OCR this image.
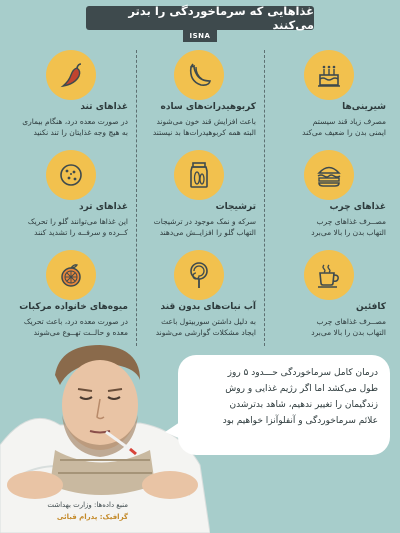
غذاهایی که سرماخوردگی را بدتر می‌کنند
ISNA
شیرینی‌ها
مصرف زیاد قند سیستم
ایمنی بدن را ضعیف می‌کند
کربوهیدرات‌های ساده
باعث افزایش قند خون می‌شوند
البته همه کربوهیدرات‌ها بد نیستند
غذاهای تند
در صورت معده درد، هنگام بیماری
به هیچ وجه غذایتان را تند نکنید
غذاهای چرب
مصــرف غذاهای چرب
التهاب بدن را بالا می‌برد
ترشیجات
سرکه و نمک موجود در ترشیجات
التهاب گلو را افزایــش می‌دهند
غذاهای ترد
این غذاها می‌توانند گلو را تحریک
کــرده و سرفــه را تشدید کنند
کافئین
مصــرف غذاهای چرب
التهاب بدن را بالا می‌برد
آب نبات‌های بدون قند
به دلیل داشتن سوربیتول باعث
ایجاد مشکلات گوارشی می‌شوند
میوه‌های خانواده مرکبات
در صورت معده درد، باعث تحریک
معده و حالــت تهــوع می‌شوند
درمان کامل سرماخوردگی حـــدود ۵ روز
طول می‌کشد اما اگر رژیم غذایی و روش
زندگیمان را تغییر ندهیم، شاهد بدترشدن
علائم سرماخوردگی و آنفلوآنزا خواهیم بود
منبع داده‌ها: وزارت بهداشت
گرافیک: پدرام قبائی
